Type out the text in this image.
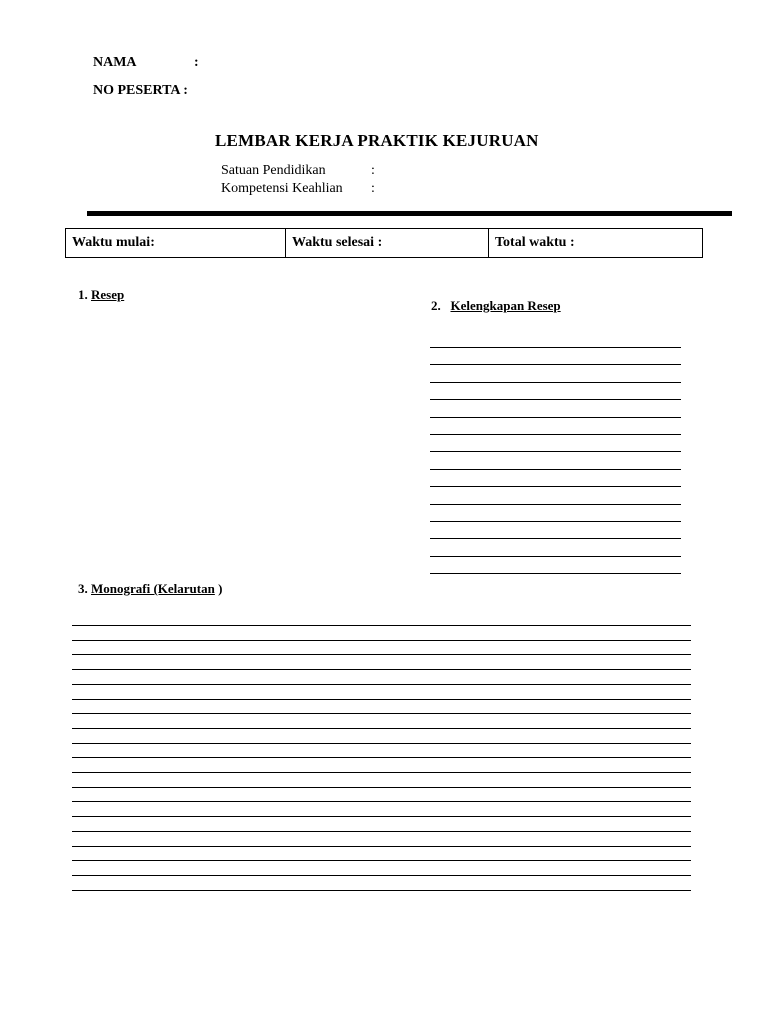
NAMA	:
NO PESERTA :
LEMBAR KERJA PRAKTIK KEJURUAN
Satuan Pendidikan	:
Kompetensi Keahlian :
Waktu mulai:	Waktu selesai :	Total waktu :
1. Resep
2. Kelengkapan Resep
3. Monografi (Kelarutan )
